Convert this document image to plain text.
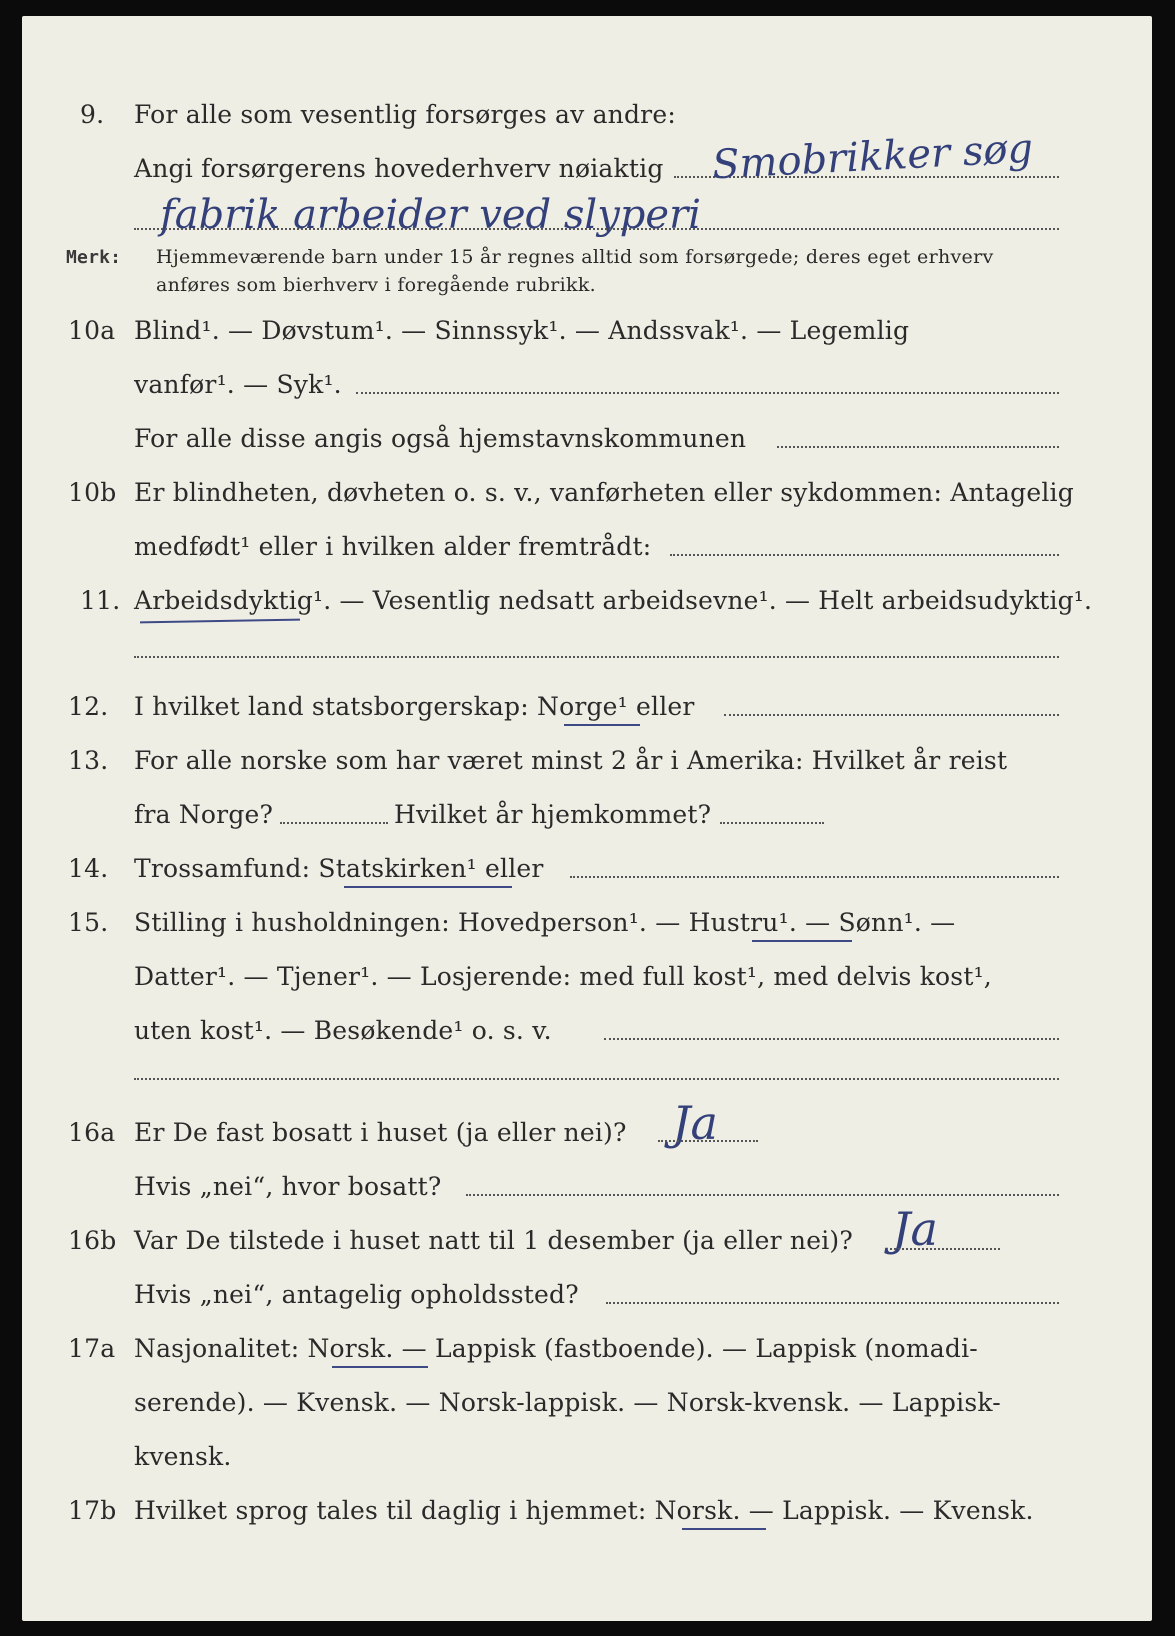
9. For alle som vesentlig forsørges av andre:
Angi forsørgerens hovederhverv nøiaktig Smobrikker søg
fabrik arbeider ved slyperi
Merk: Hjemmeværende barn under 15 år regnes alltid som forsørgede; deres eget erhverv
anføres som bierhverv i foregående rubrikk.
10a Blind¹. — Døvstum¹. — Sinnssyk¹. — Andssvak¹. — Legemlig
vanfør¹. — Syk¹.
For alle disse angis også hjemstavnskommunen
10b Er blindheten, døvheten o. s. v., vanførheten eller sykdommen: Antagelig
medfødt¹ eller i hvilken alder fremtrådt:
11. Arbeidsdyktig¹. — Vesentlig nedsatt arbeidsevne¹. — Helt arbeidsudyktig¹.
12. I hvilket land statsborgerskap: Norge¹ eller
13. For alle norske som har været minst 2 år i Amerika: Hvilket år reist
fra Norge?	Hvilket år hjemkommet?
14. Trossamfund: Statskirken¹ eller
15. Stilling i husholdningen: Hovedperson¹. — Hustru¹. — Sønn¹. —
Datter¹. — Tjener¹. — Losjerende: med full kost¹, med delvis kost¹,
uten kost¹. — Besøkende¹ o. s. v.
16a Er De fast bosatt i huset (ja eller nei)? Ja
Hvis „nei“, hvor bosatt?
16b Var De tilstede i huset natt til 1 desember (ja eller nei)? Ja
Hvis „nei“, antagelig opholdssted?
17a Nasjonalitet: Norsk. — Lappisk (fastboende). — Lappisk (nomadi-
serende). — Kvensk. — Norsk-lappisk. — Norsk-kvensk. — Lappisk-
kvensk.
17b Hvilket sprog tales til daglig i hjemmet: Norsk. — Lappisk. — Kvensk.
